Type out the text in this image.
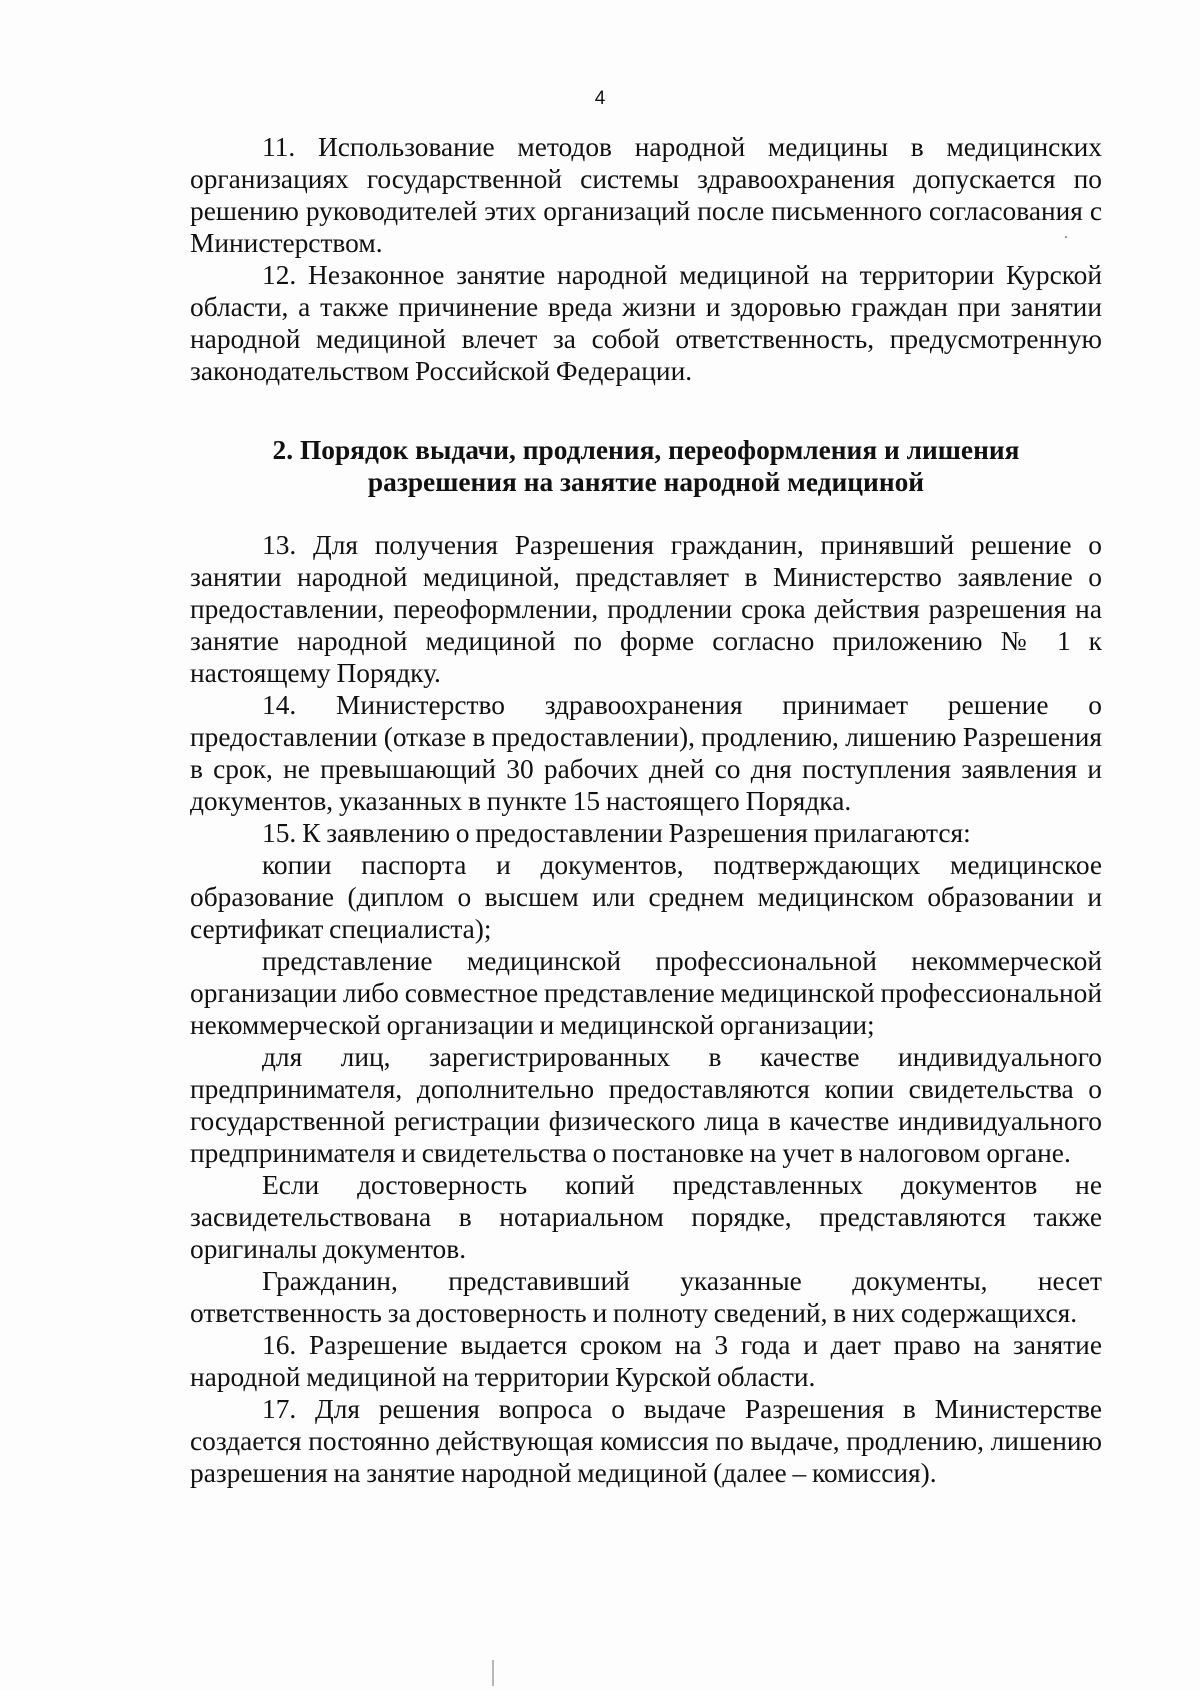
4

11. Использование методов народной медицины в медицинских организациях государственной системы здравоохранения допускается по решению руководителей этих организаций после письменного согласования с Министерством.

12. Незаконное занятие народной медициной на территории Курской области, а также причинение вреда жизни и здоровью граждан при занятии народной медициной влечет за собой ответственность, предусмотренную законодательством Российской Федерации.

2. Порядок выдачи, продления, переоформления и лишения
разрешения на занятие народной медициной

13. Для получения Разрешения гражданин, принявший решение о занятии народной медициной, представляет в Министерство заявление о предоставлении, переоформлении, продлении срока действия разрешения на занятие народной медициной по форме согласно приложению № 1 к настоящему Порядку.

14. Министерство здравоохранения принимает решение о предоставлении (отказе в предоставлении), продлению, лишению Разрешения в срок, не превышающий 30 рабочих дней со дня поступления заявления и документов, указанных в пункте 15 настоящего Порядка.

15. К заявлению о предоставлении Разрешения прилагаются:

копии паспорта и документов, подтверждающих медицинское образование (диплом о высшем или среднем медицинском образовании и сертификат специалиста);

представление медицинской профессиональной некоммерческой организации либо совместное представление медицинской профессиональной некоммерческой организации и медицинской организации;

для лиц, зарегистрированных в качестве индивидуального предпринимателя, дополнительно предоставляются копии свидетельства о государственной регистрации физического лица в качестве индивидуального предпринимателя и свидетельства о постановке на учет в налоговом органе.

Если достоверность копий представленных документов не засвидетельствована в нотариальном порядке, представляются также оригиналы документов.

Гражданин, представивший указанные документы, несет ответственность за достоверность и полноту сведений, в них содержащихся.

16. Разрешение выдается сроком на 3 года и дает право на занятие народной медициной на территории Курской области.

17. Для решения вопроса о выдаче Разрешения в Министерстве создается постоянно действующая комиссия по выдаче, продлению, лишению разрешения на занятие народной медициной (далее – комиссия).
